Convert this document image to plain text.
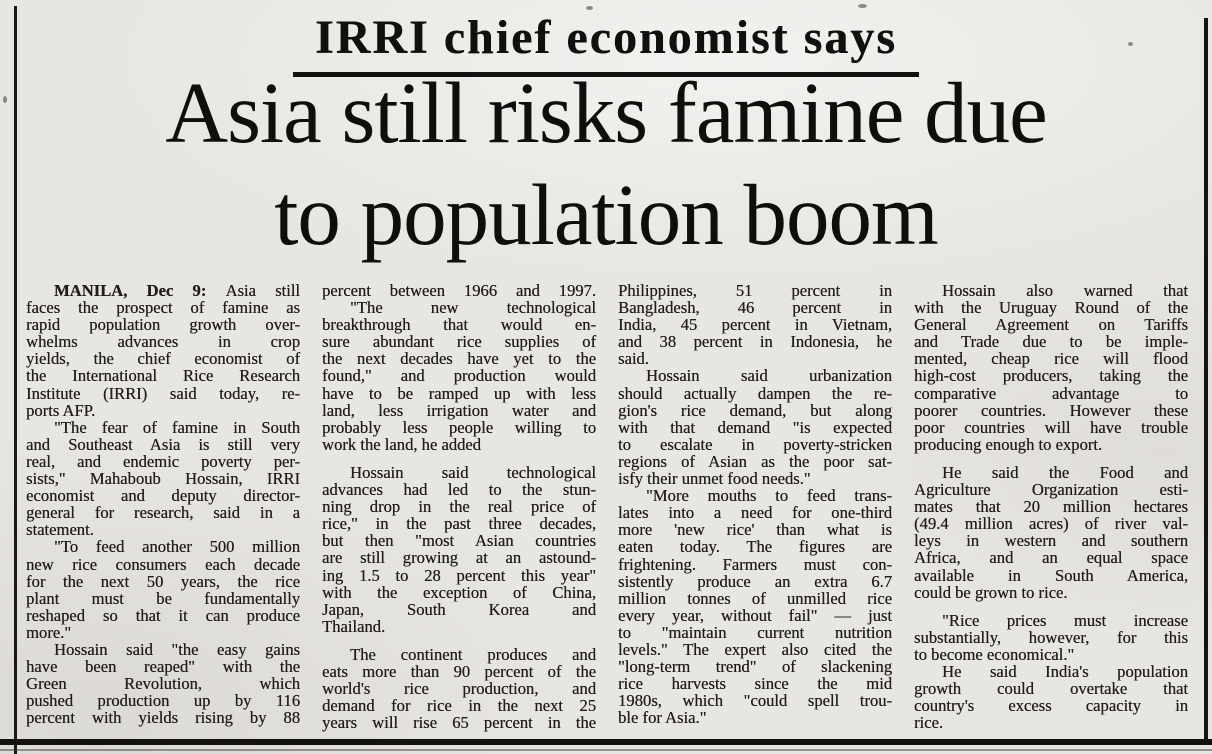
IRRI chief economist says
Asia still risks famine due
to population boom
MANILA, Dec 9: Asia still
faces the prospect of famine as
rapid population growth over-
whelms advances in crop
yields, the chief economist of
the International Rice Research
Institute (IRRI) said today, re-
ports AFP.
"The fear of famine in South
and Southeast Asia is still very
real, and endemic poverty per-
sists," Mahaboub Hossain, IRRI
economist and deputy director-
general for research, said in a
statement.
"To feed another 500 million
new rice consumers each decade
for the next 50 years, the rice
plant must be fundamentally
reshaped so that it can produce
more."
Hossain said "the easy gains
have been reaped" with the
Green Revolution, which
pushed production up by 116
percent with yields rising by 88
percent between 1966 and 1997.
"The new technological
breakthrough that would en-
sure abundant rice supplies of
the next decades have yet to the
found," and production would
have to be ramped up with less
land, less irrigation water and
probably less people willing to
work the land, he added
Hossain said technological
advances had led to the stun-
ning drop in the real price of
rice," in the past three decades,
but then "most Asian countries
are still growing at an astound-
ing 1.5 to 28 percent this year"
with the exception of China,
Japan, South Korea and
Thailand.
The continent produces and
eats more than 90 percent of the
world's rice production, and
demand for rice in the next 25
years will rise 65 percent in the
Philippines, 51 percent in
Bangladesh, 46 percent in
India, 45 percent in Vietnam,
and 38 percent in Indonesia, he
said.
Hossain said urbanization
should actually dampen the re-
gion's rice demand, but along
with that demand "is expected
to escalate in poverty-stricken
regions of Asian as the poor sat-
isfy their unmet food needs."
"More mouths to feed trans-
lates into a need for one-third
more 'new rice' than what is
eaten today. The figures are
frightening. Farmers must con-
sistently produce an extra 6.7
million tonnes of unmilled rice
every year, without fail" — just
to "maintain current nutrition
levels." The expert also cited the
"long-term trend" of slackening
rice harvests since the mid
1980s, which "could spell trou-
ble for Asia."
Hossain also warned that
with the Uruguay Round of the
General Agreement on Tariffs
and Trade due to be imple-
mented, cheap rice will flood
high-cost producers, taking the
comparative advantage to
poorer countries. However these
poor countries will have trouble
producing enough to export.
He said the Food and
Agriculture Organization esti-
mates that 20 million hectares
(49.4 million acres) of river val-
leys in western and southern
Africa, and an equal space
available in South America,
could be grown to rice.
"Rice prices must increase
substantially, however, for this
to become economical."
He said India's population
growth could overtake that
country's excess capacity in
rice.
